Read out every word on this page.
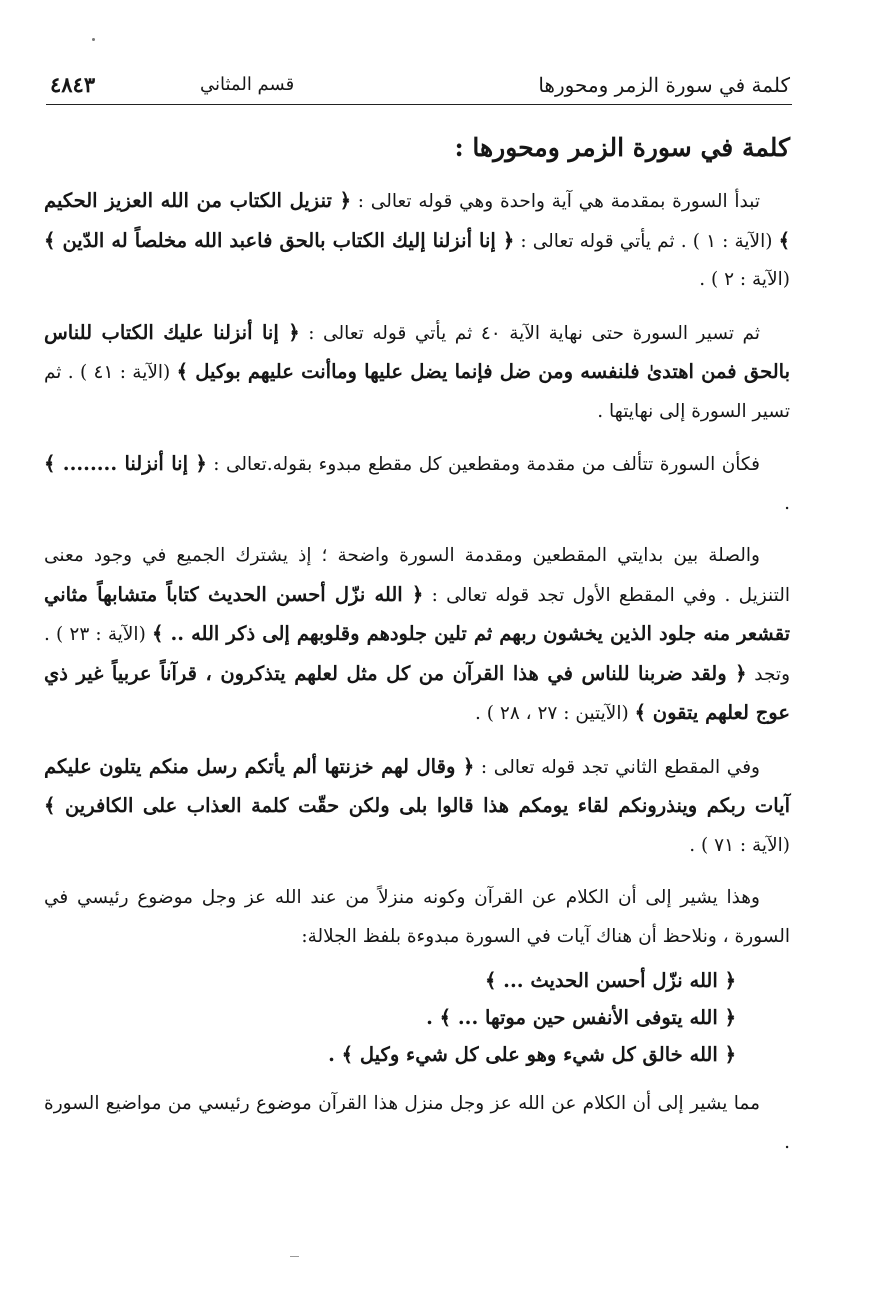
كلمة في سورة الزمر ومحورها
قسم المثاني
٤٨٤٣
كلمة في سورة الزمر ومحورها :

تبدأ السورة بمقدمة هي آية واحدة وهي قوله تعالى : ﴿ تنزيل الكتاب من الله العزيز الحكيم ﴾ (الآية : ١ ) . ثم يأتي قوله تعالى : ﴿ إنا أنزلنا إليك الكتاب بالحق فاعبد الله مخلصاً له الدّين ﴾ (الآية : ٢ ) .

ثم تسير السورة حتى نهاية الآية ٤٠ ثم يأتي قوله تعالى : ﴿ إنا أنزلنا عليك الكتاب للناس بالحق فمن اهتدىٰ فلنفسه ومن ضل فإنما يضل عليها وماأنت عليهم بوكيل ﴾ (الآية : ٤١ ) . ثم تسير السورة إلى نهايتها .

فكأن السورة تتألف من مقدمة ومقطعين كل مقطع مبدوء بقوله.تعالى : ﴿ إنا أنزلنا ........ ﴾ .

والصلة بين بدايتي المقطعين ومقدمة السورة واضحة ؛ إذ يشترك الجميع في وجود معنى التنزيل . وفي المقطع الأول تجد قوله تعالى : ﴿ الله نزّل أحسن الحديث كتاباً متشابهاً مثاني تقشعر منه جلود الذين يخشون ربهم ثم تلين جلودهم وقلوبهم إلى ذكر الله .. ﴾ (الآية : ٢٣ ) . وتجد ﴿ ولقد ضربنا للناس في هذا القرآن من كل مثل لعلهم يتذكرون ، قرآناً عربياً غير ذي عوج لعلهم يتقون ﴾ (الآيتين : ٢٧ ، ٢٨ ) .

وفي المقطع الثاني تجد قوله تعالى : ﴿ وقال لهم خزنتها ألم يأتكم رسل منكم يتلون عليكم آيات ربكم وينذرونكم لقاء يومكم هذا قالوا بلى ولكن حقّت كلمة العذاب على الكافرين ﴾ (الآية : ٧١ ) .

وهذا يشير إلى أن الكلام عن القرآن وكونه منزلاً من عند الله عز وجل موضوع رئيسي في السورة ، ونلاحظ أن هناك آيات في السورة مبدوءة بلفظ الجلالة:

﴿ الله نزّل أحسن الحديث ... ﴾
﴿ الله يتوفى الأنفس حين موتها ... ﴾ .
﴿ الله خالق كل شيء وهو على كل شيء وكيل ﴾ .

مما يشير إلى أن الكلام عن الله عز وجل منزل هذا القرآن موضوع رئيسي من مواضيع السورة .
